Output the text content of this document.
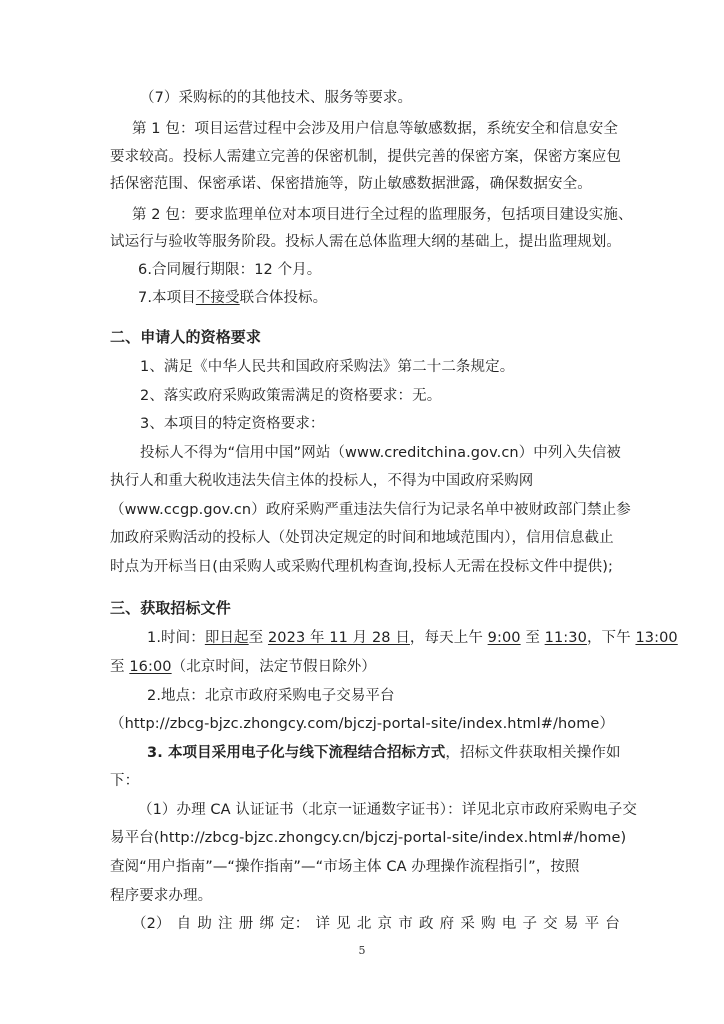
（7）采购标的的其他技术、服务等要求。
第 1 包：项目运营过程中会涉及用户信息等敏感数据，系统安全和信息安全
要求较高。投标人需建立完善的保密机制，提供完善的保密方案，保密方案应包
括保密范围、保密承诺、保密措施等，防止敏感数据泄露，确保数据安全。
第 2 包：要求监理单位对本项目进行全过程的监理服务，包括项目建设实施、
试运行与验收等服务阶段。投标人需在总体监理大纲的基础上，提出监理规划。
6.合同履行期限：12 个月。
7.本项目不接受联合体投标。
二、申请人的资格要求
1、满足《中华人民共和国政府采购法》第二十二条规定。
2、落实政府采购政策需满足的资格要求：无。
3、本项目的特定资格要求：
投标人不得为“信用中国”网站（www.creditchina.gov.cn）中列入失信被
执行人和重大税收违法失信主体的投标人，不得为中国政府采购网
（www.ccgp.gov.cn）政府采购严重违法失信行为记录名单中被财政部门禁止参
加政府采购活动的投标人（处罚决定规定的时间和地域范围内），信用信息截止
时点为开标当日(由采购人或采购代理机构查询,投标人无需在投标文件中提供);
三、获取招标文件
1.时间：即日起至 2023 年 11 月 28 日，每天上午 9:00 至 11:30，下午 13:00
至 16:00（北京时间，法定节假日除外）
2.地点：北京市政府采购电子交易平台
（http://zbcg-bjzc.zhongcy.com/bjczj-portal-site/index.html#/home）
3. 本项目采用电子化与线下流程结合招标方式，招标文件获取相关操作如
下：
（1）办理 CA 认证证书（北京一证通数字证书）：详见北京市政府采购电子交
易平台(http://zbcg-bjzc.zhongcy.cn/bjczj-portal-site/index.html#/home)
查阅“用户指南”—“操作指南”—“市场主体 CA 办理操作流程指引”，按照
程序要求办理。
（2） 自 助 注 册 绑 定： 详 见 北 京 市 政 府 采 购 电 子 交 易 平 台
5
